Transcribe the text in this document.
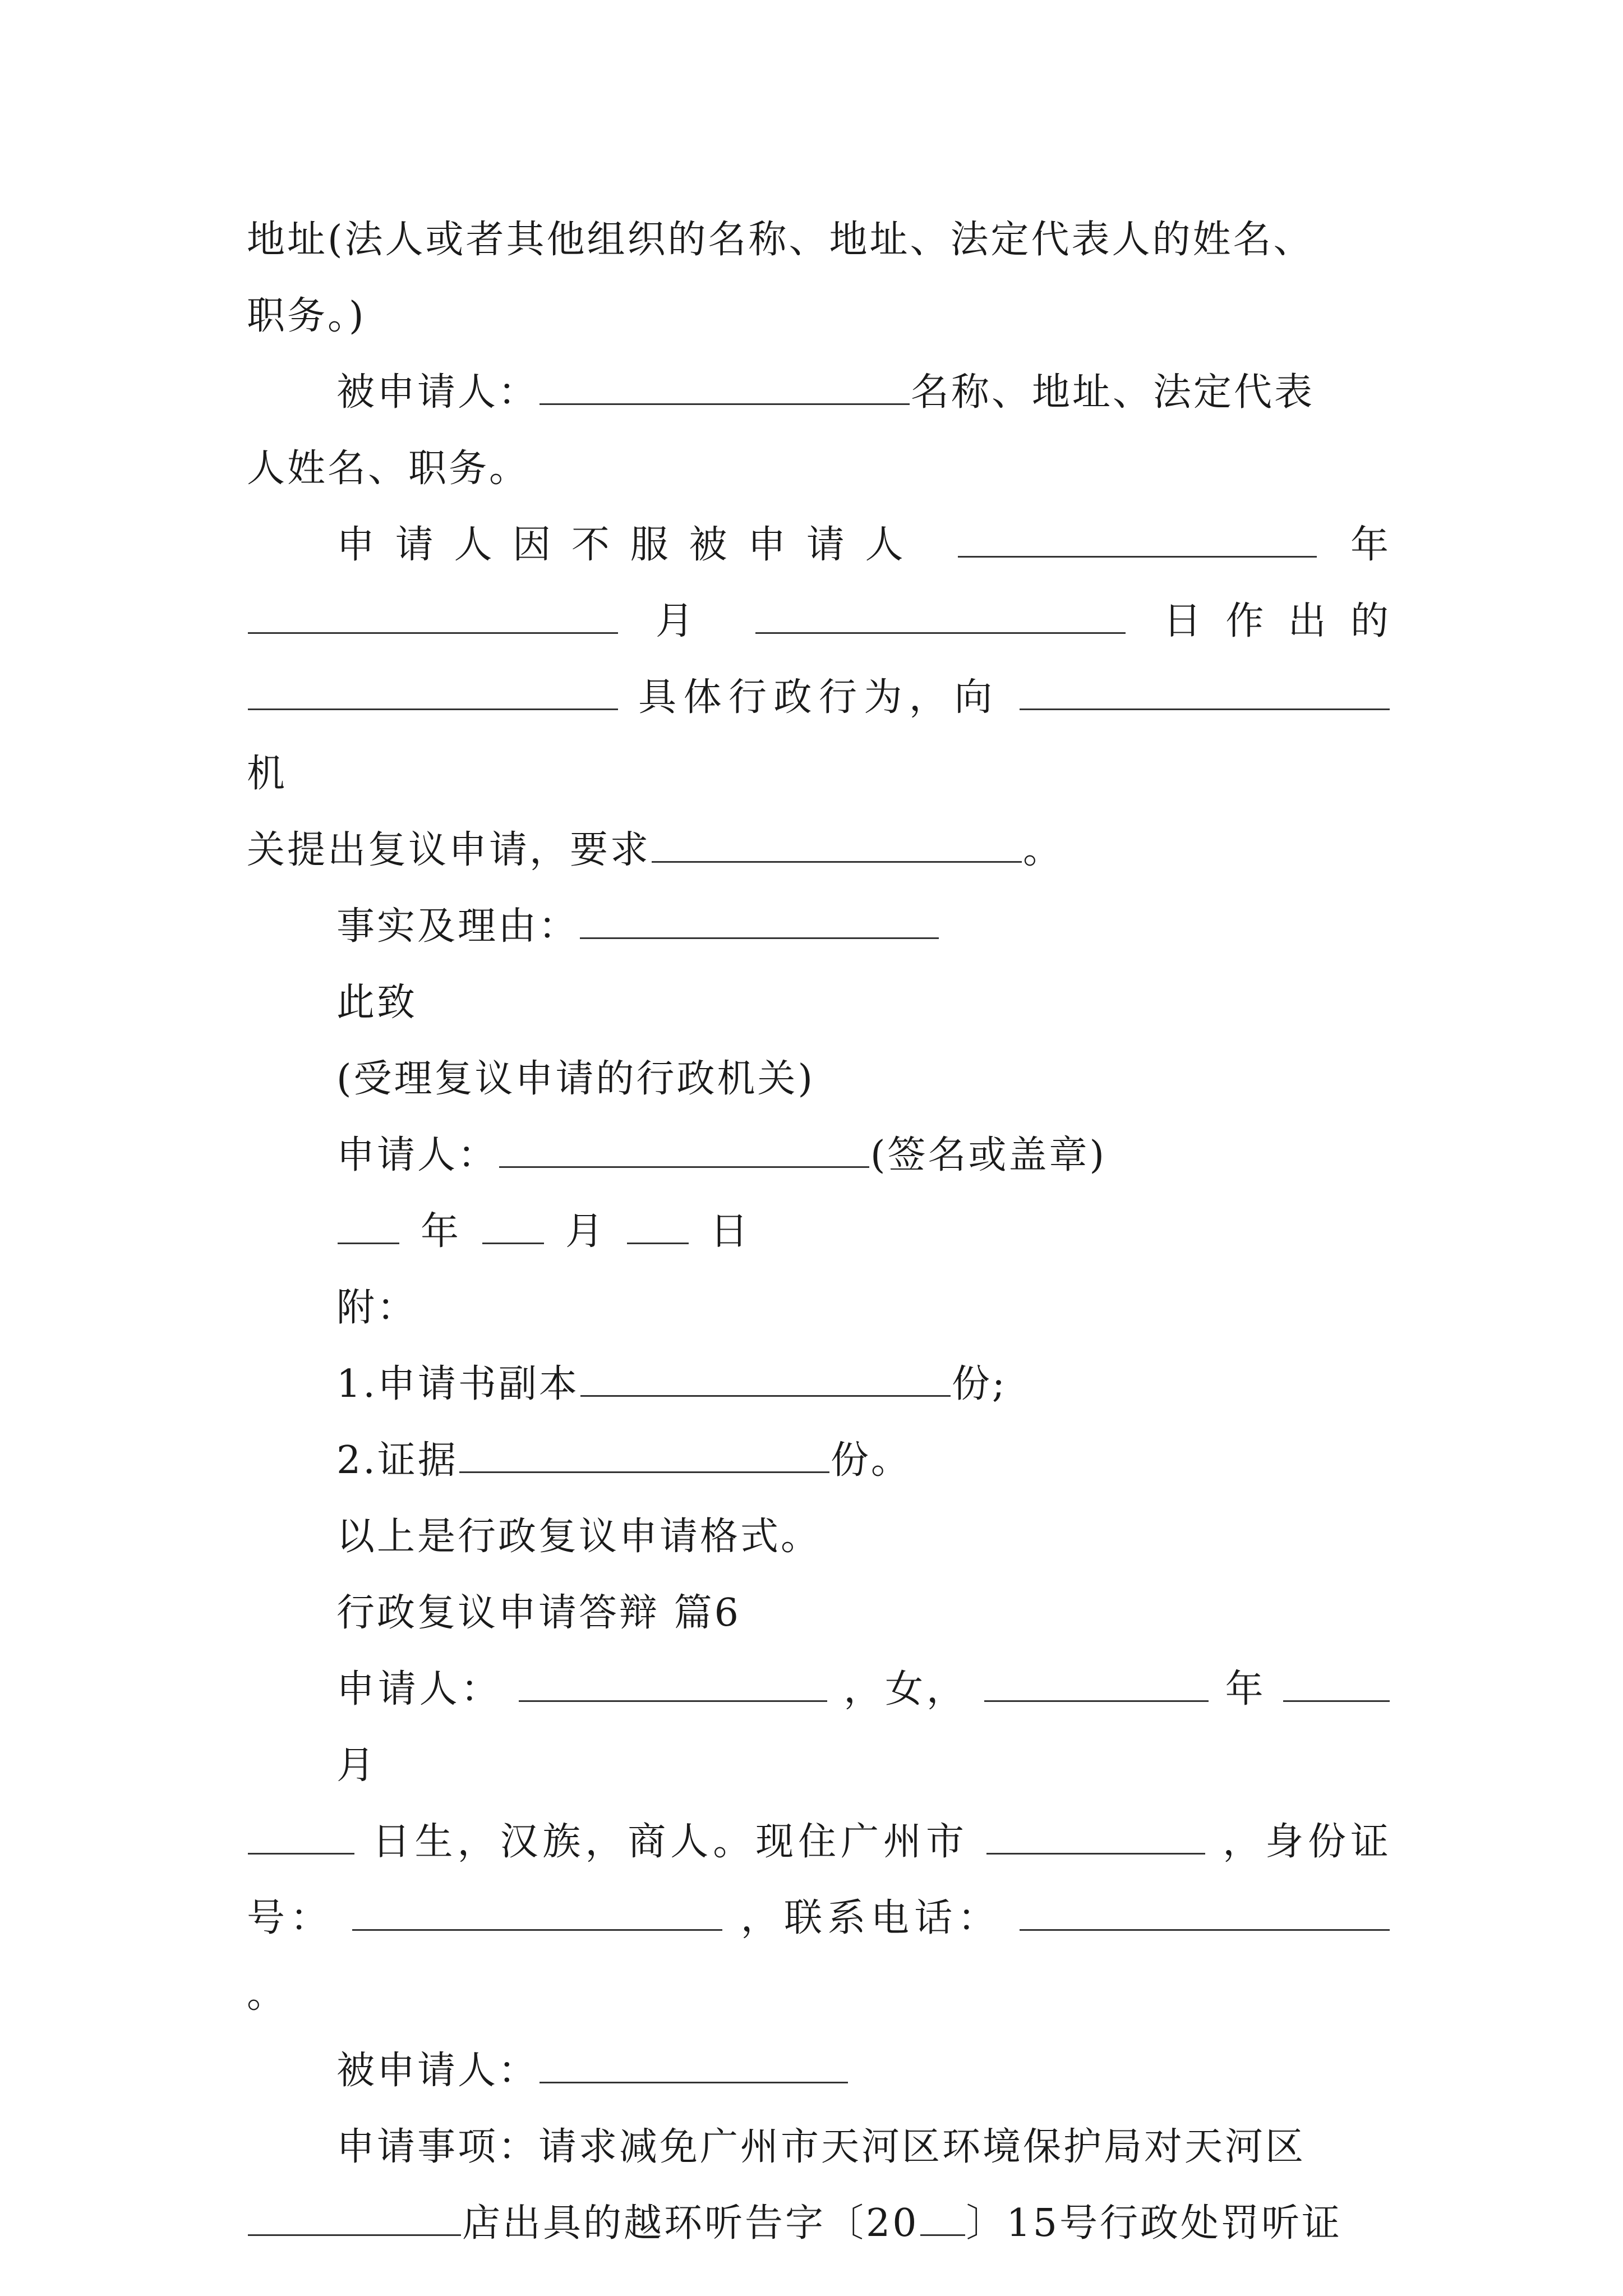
地址(法人或者其他组织的名称、地址、法定代表人的姓名、
职务。)
被申请人：	名称、地址、法定代表
人姓名、职务。
申请人因不服被申请人	年
月	日作出的
具体行政行为，向  机
关提出复议申请，要求	。
事实及理由：
此致
(受理复议申请的行政机关)
申请人：	(签名或盖章)
年	月	日
附：
1.申请书副本	份;
2.证据	份。
以上是行政复议申请格式。
行政复议申请答辩 篇6
申请人：	，女，	年  月
日生，汉族，商人。现住广州市	，身份证
号：	，联系电话：  。
被申请人：
申请事项：请求减免广州市天河区环境保护局对天河区
店出具的越环听告字〔20 〕15号行政处罚听证
